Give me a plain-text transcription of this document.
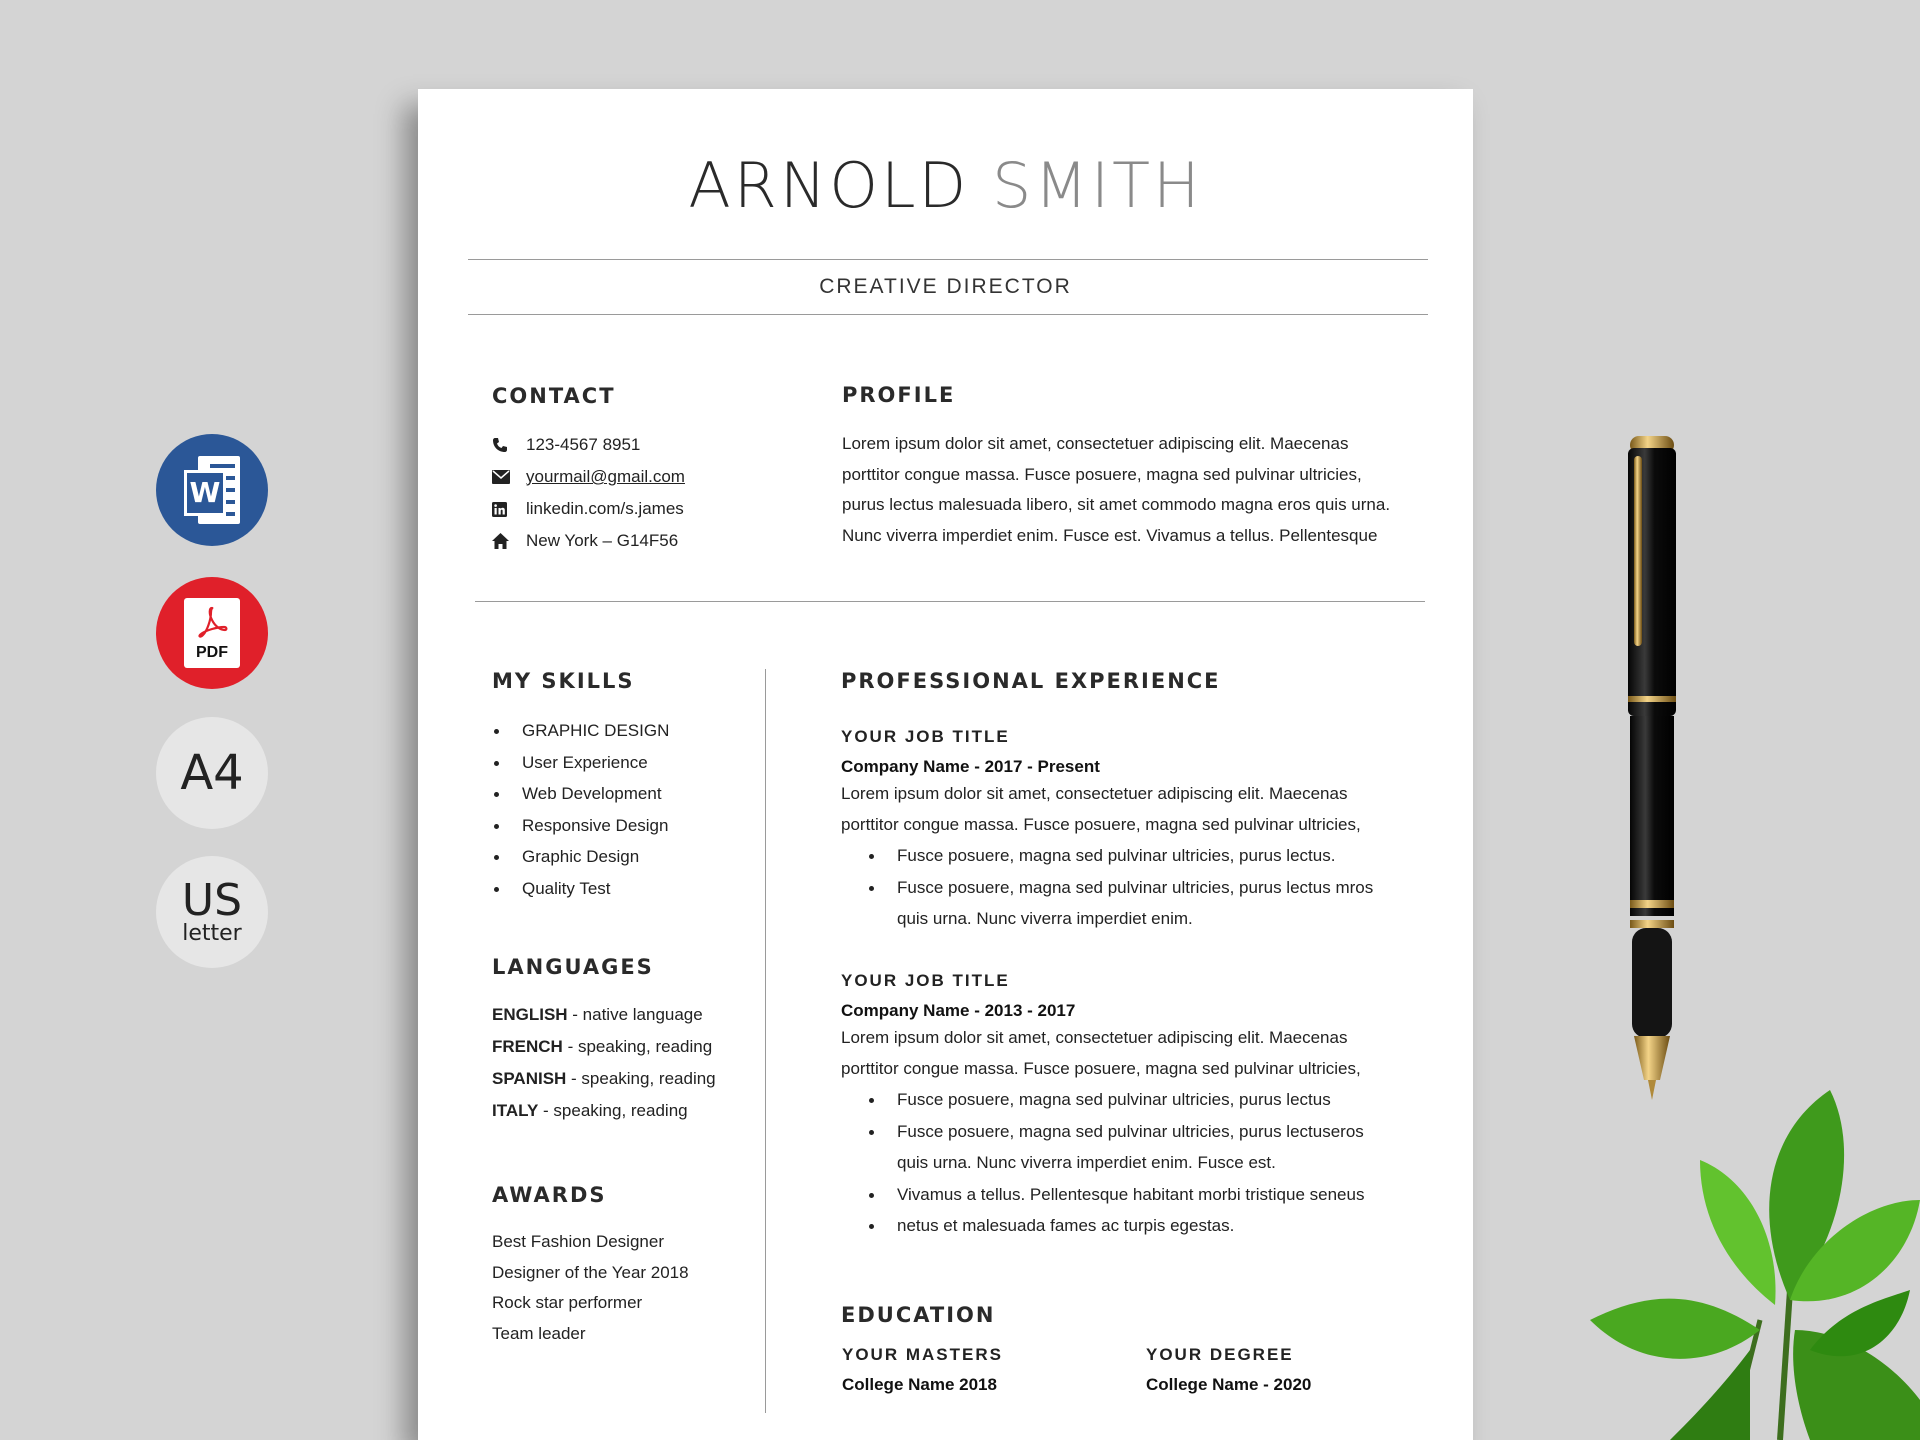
W
PDF
A4
US
letter
ARNOLD SMITH
CREATIVE DIRECTOR
CONTACT
123-4567 8951
yourmail@gmail.com
linkedin.com/s.james
New York – G14F56
PROFILE
Lorem ipsum dolor sit amet, consectetuer adipiscing elit. Maecenas
porttitor congue massa. Fusce posuere, magna sed pulvinar ultricies,
purus lectus malesuada libero, sit amet commodo magna eros quis urna.
Nunc viverra imperdiet enim. Fusce est. Vivamus a tellus. Pellentesque
MY SKILLS
GRAPHIC DESIGN
User Experience
Web Development
Responsive Design
Graphic Design
Quality Test
LANGUAGES
ENGLISH - native language
FRENCH - speaking, reading
SPANISH - speaking, reading
ITALY - speaking, reading
AWARDS
Best Fashion Designer
Designer of the Year 2018
Rock star performer
Team leader
PROFESSIONAL EXPERIENCE
YOUR JOB TITLE
Company Name - 2017 - Present
Lorem ipsum dolor sit amet, consectetuer adipiscing elit. Maecenas
porttitor congue massa. Fusce posuere, magna sed pulvinar ultricies,
Fusce posuere, magna sed pulvinar ultricies, purus lectus.
Fusce posuere, magna sed pulvinar ultricies, purus lectus mros quis urna. Nunc viverra imperdiet enim.
YOUR JOB TITLE
Company Name - 2013 - 2017
Lorem ipsum dolor sit amet, consectetuer adipiscing elit. Maecenas
porttitor congue massa. Fusce posuere, magna sed pulvinar ultricies,
Fusce posuere, magna sed pulvinar ultricies, purus lectus
Fusce posuere, magna sed pulvinar ultricies, purus lectuseros quis urna. Nunc viverra imperdiet enim. Fusce est.
Vivamus a tellus. Pellentesque habitant morbi tristique seneus
netus et malesuada fames ac turpis egestas.
EDUCATION
YOUR MASTERS
College Name 2018
YOUR DEGREE
College Name - 2020
